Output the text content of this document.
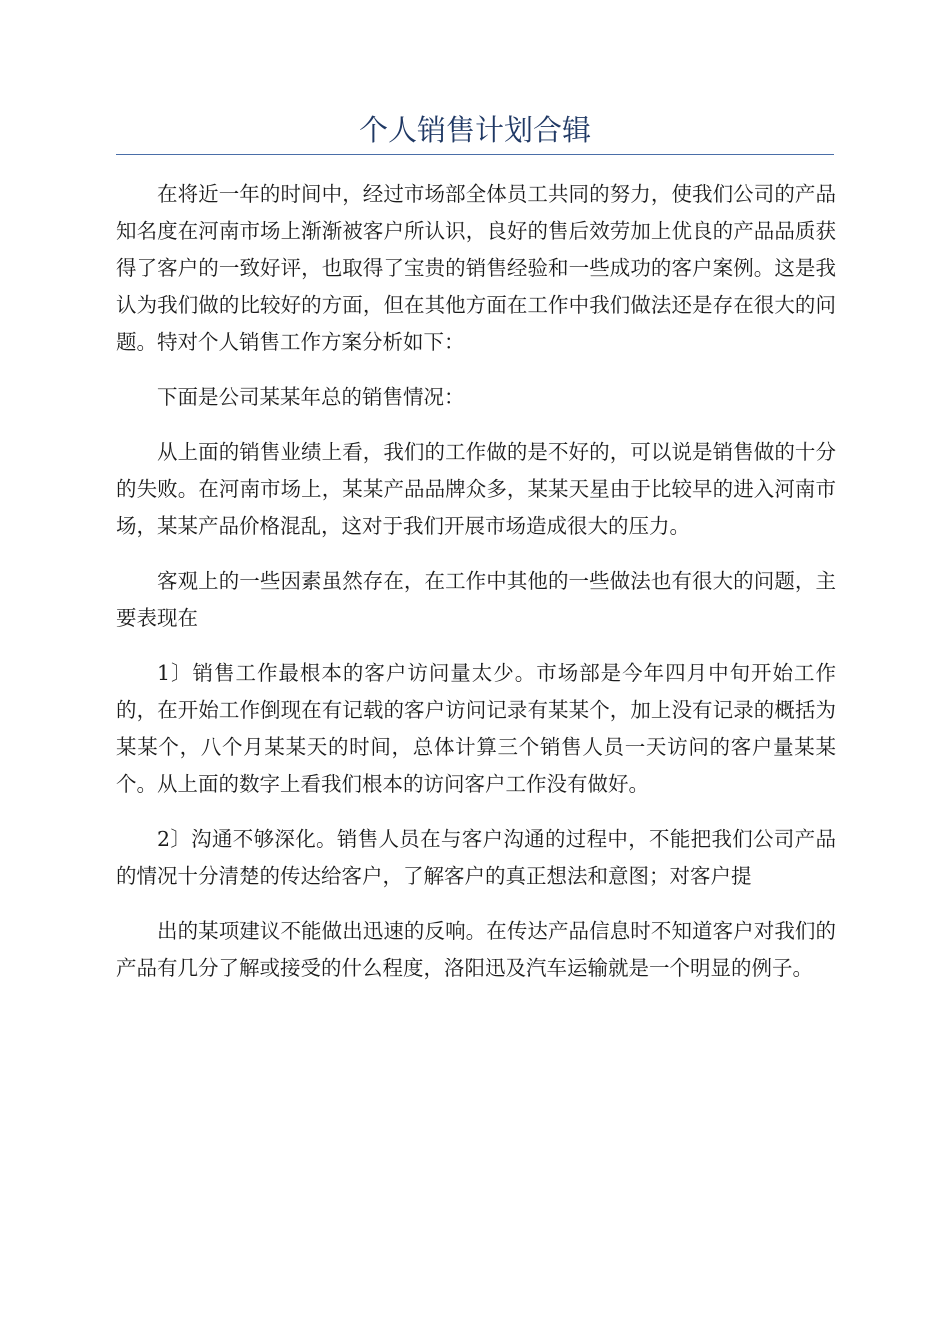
个人销售计划合辑

在将近一年的时间中，经过市场部全体员工共同的努力，使我们公司的产品知名度在河南市场上渐渐被客户所认识，良好的售后效劳加上优良的产品品质获得了客户的一致好评，也取得了宝贵的销售经验和一些成功的客户案例。这是我认为我们做的比较好的方面，但在其他方面在工作中我们做法还是存在很大的问题。特对个人销售工作方案分析如下：

下面是公司某某年总的销售情况：

从上面的销售业绩上看，我们的工作做的是不好的，可以说是销售做的十分的失败。在河南市场上，某某产品品牌众多，某某天星由于比较早的进入河南市场，某某产品价格混乱，这对于我们开展市场造成很大的压力。

客观上的一些因素虽然存在，在工作中其他的一些做法也有很大的问题，主要表现在

1〕销售工作最根本的客户访问量太少。市场部是今年四月中旬开始工作的，在开始工作倒现在有记载的客户访问记录有某某个，加上没有记录的概括为某某个，八个月某某天的时间，总体计算三个销售人员一天访问的客户量某某个。从上面的数字上看我们根本的访问客户工作没有做好。

2〕沟通不够深化。销售人员在与客户沟通的过程中，不能把我们公司产品的情况十分清楚的传达给客户，了解客户的真正想法和意图；对客户提

出的某项建议不能做出迅速的反响。在传达产品信息时不知道客户对我们的产品有几分了解或接受的什么程度，洛阳迅及汽车运输就是一个明显的例子。
